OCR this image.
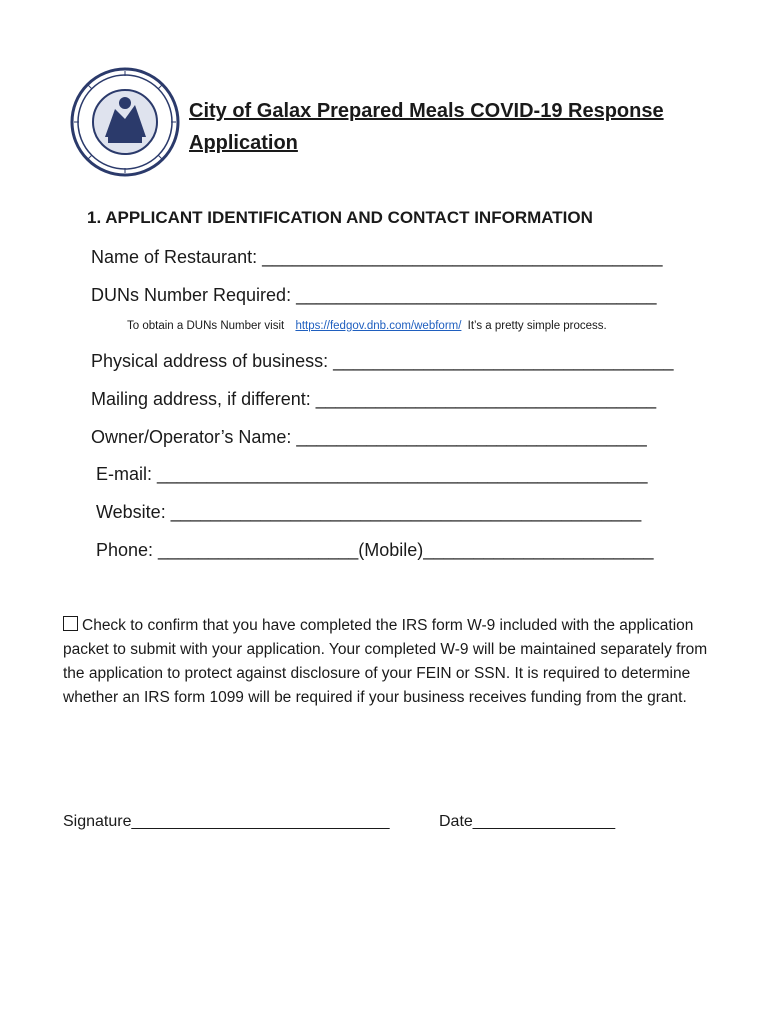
City of Galax Prepared Meals COVID-19 Response Application
1. APPLICANT IDENTIFICATION AND CONTACT INFORMATION
Name of Restaurant: ________________________________________
DUNs Number Required: ____________________________________
To obtain a DUNs Number visit https://fedgov.dnb.com/webform/ It’s a pretty simple process.
Physical address of business: __________________________________
Mailing address, if different: __________________________________
Owner/Operator’s Name: ___________________________________
E-mail: _________________________________________________
Website: _______________________________________________
Phone: ____________________(Mobile)_______________________
Check to confirm that you have completed the IRS form W-9 included with the application packet to submit with your application. Your completed W-9 will be maintained separately from the application to protect against disclosure of your FEIN or SSN. It is required to determine whether an IRS form 1099 will be required if your business receives funding from the grant.
Signature_____________________________	Date________________
